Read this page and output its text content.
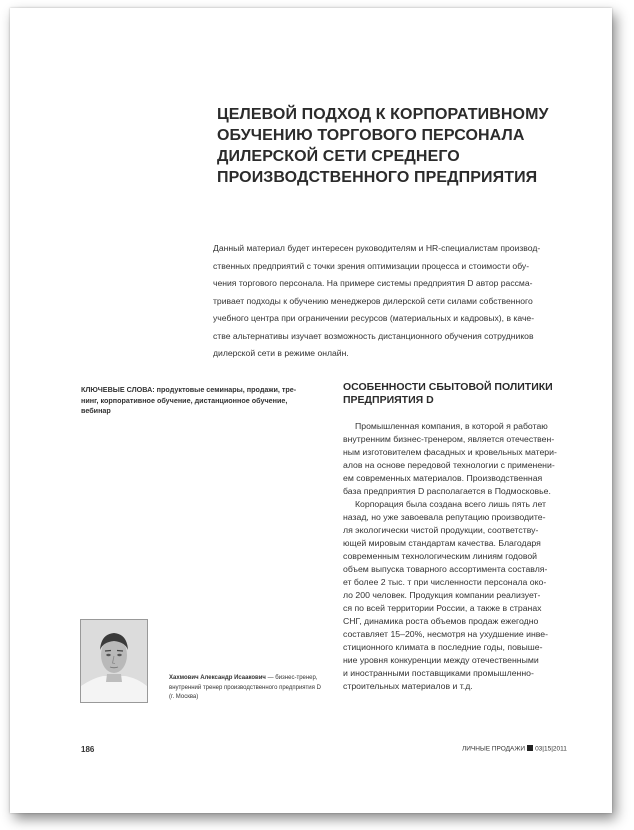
ЦЕЛЕВОЙ ПОДХОД К КОРПОРАТИВНОМУ
ОБУЧЕНИЮ ТОРГОВОГО ПЕРСОНАЛА
ДИЛЕРСКОЙ СЕТИ СРЕДНЕГО
ПРОИЗВОДСТВЕННОГО ПРЕДПРИЯТИЯ
Данный материал будет интересен руководителям и HR-специалистам производ-
ственных предприятий с точки зрения оптимизации процесса и стоимости обу-
чения торгового персонала. На примере системы предприятия D автор рассма-
тривает подходы к обучению менеджеров дилерской сети силами собственного
учебного центра при ограничении ресурсов (материальных и кадровых), в каче-
стве альтернативы изучает возможность дистанционного обучения сотрудников
дилерской сети в режиме онлайн.
КЛЮЧЕВЫЕ СЛОВА: продуктовые семинары, продажи, тре-
нинг, корпоративное обучение, дистанционное обучение,
вебинар
ОСОБЕННОСТИ СБЫТОВОЙ ПОЛИТИКИ
ПРЕДПРИЯТИЯ D
Промышленная компания, в которой я работаю
внутренним бизнес-тренером, является отечествен-
ным изготовителем фасадных и кровельных матери-
алов на основе передовой технологии с применени-
ем современных материалов. Производственная
база предприятия D располагается в Подмосковье.
Корпорация была создана всего лишь пять лет
назад, но уже завоевала репутацию производите-
ля экологически чистой продукции, соответству-
ющей мировым стандартам качества. Благодаря
современным технологическим линиям годовой
объем выпуска товарного ассортимента составля-
ет более 2 тыс. т при численности персонала око-
ло 200 человек. Продукция компании реализует-
ся по всей территории России, а также в странах
СНГ, динамика роста объемов продаж ежегодно
составляет 15–20%, несмотря на ухудшение инве-
стиционного климата в последние годы, повыше-
ние уровня конкуренции между отечественными
и иностранными поставщиками промышленно-
строительных материалов и т.д.
Хахмович Александр Исаакович — бизнес-тренер,
внутренний тренер производственного предприятия D
(г. Москва)
186	ЛИЧНЫЕ ПРОДАЖИ 03|15|2011
